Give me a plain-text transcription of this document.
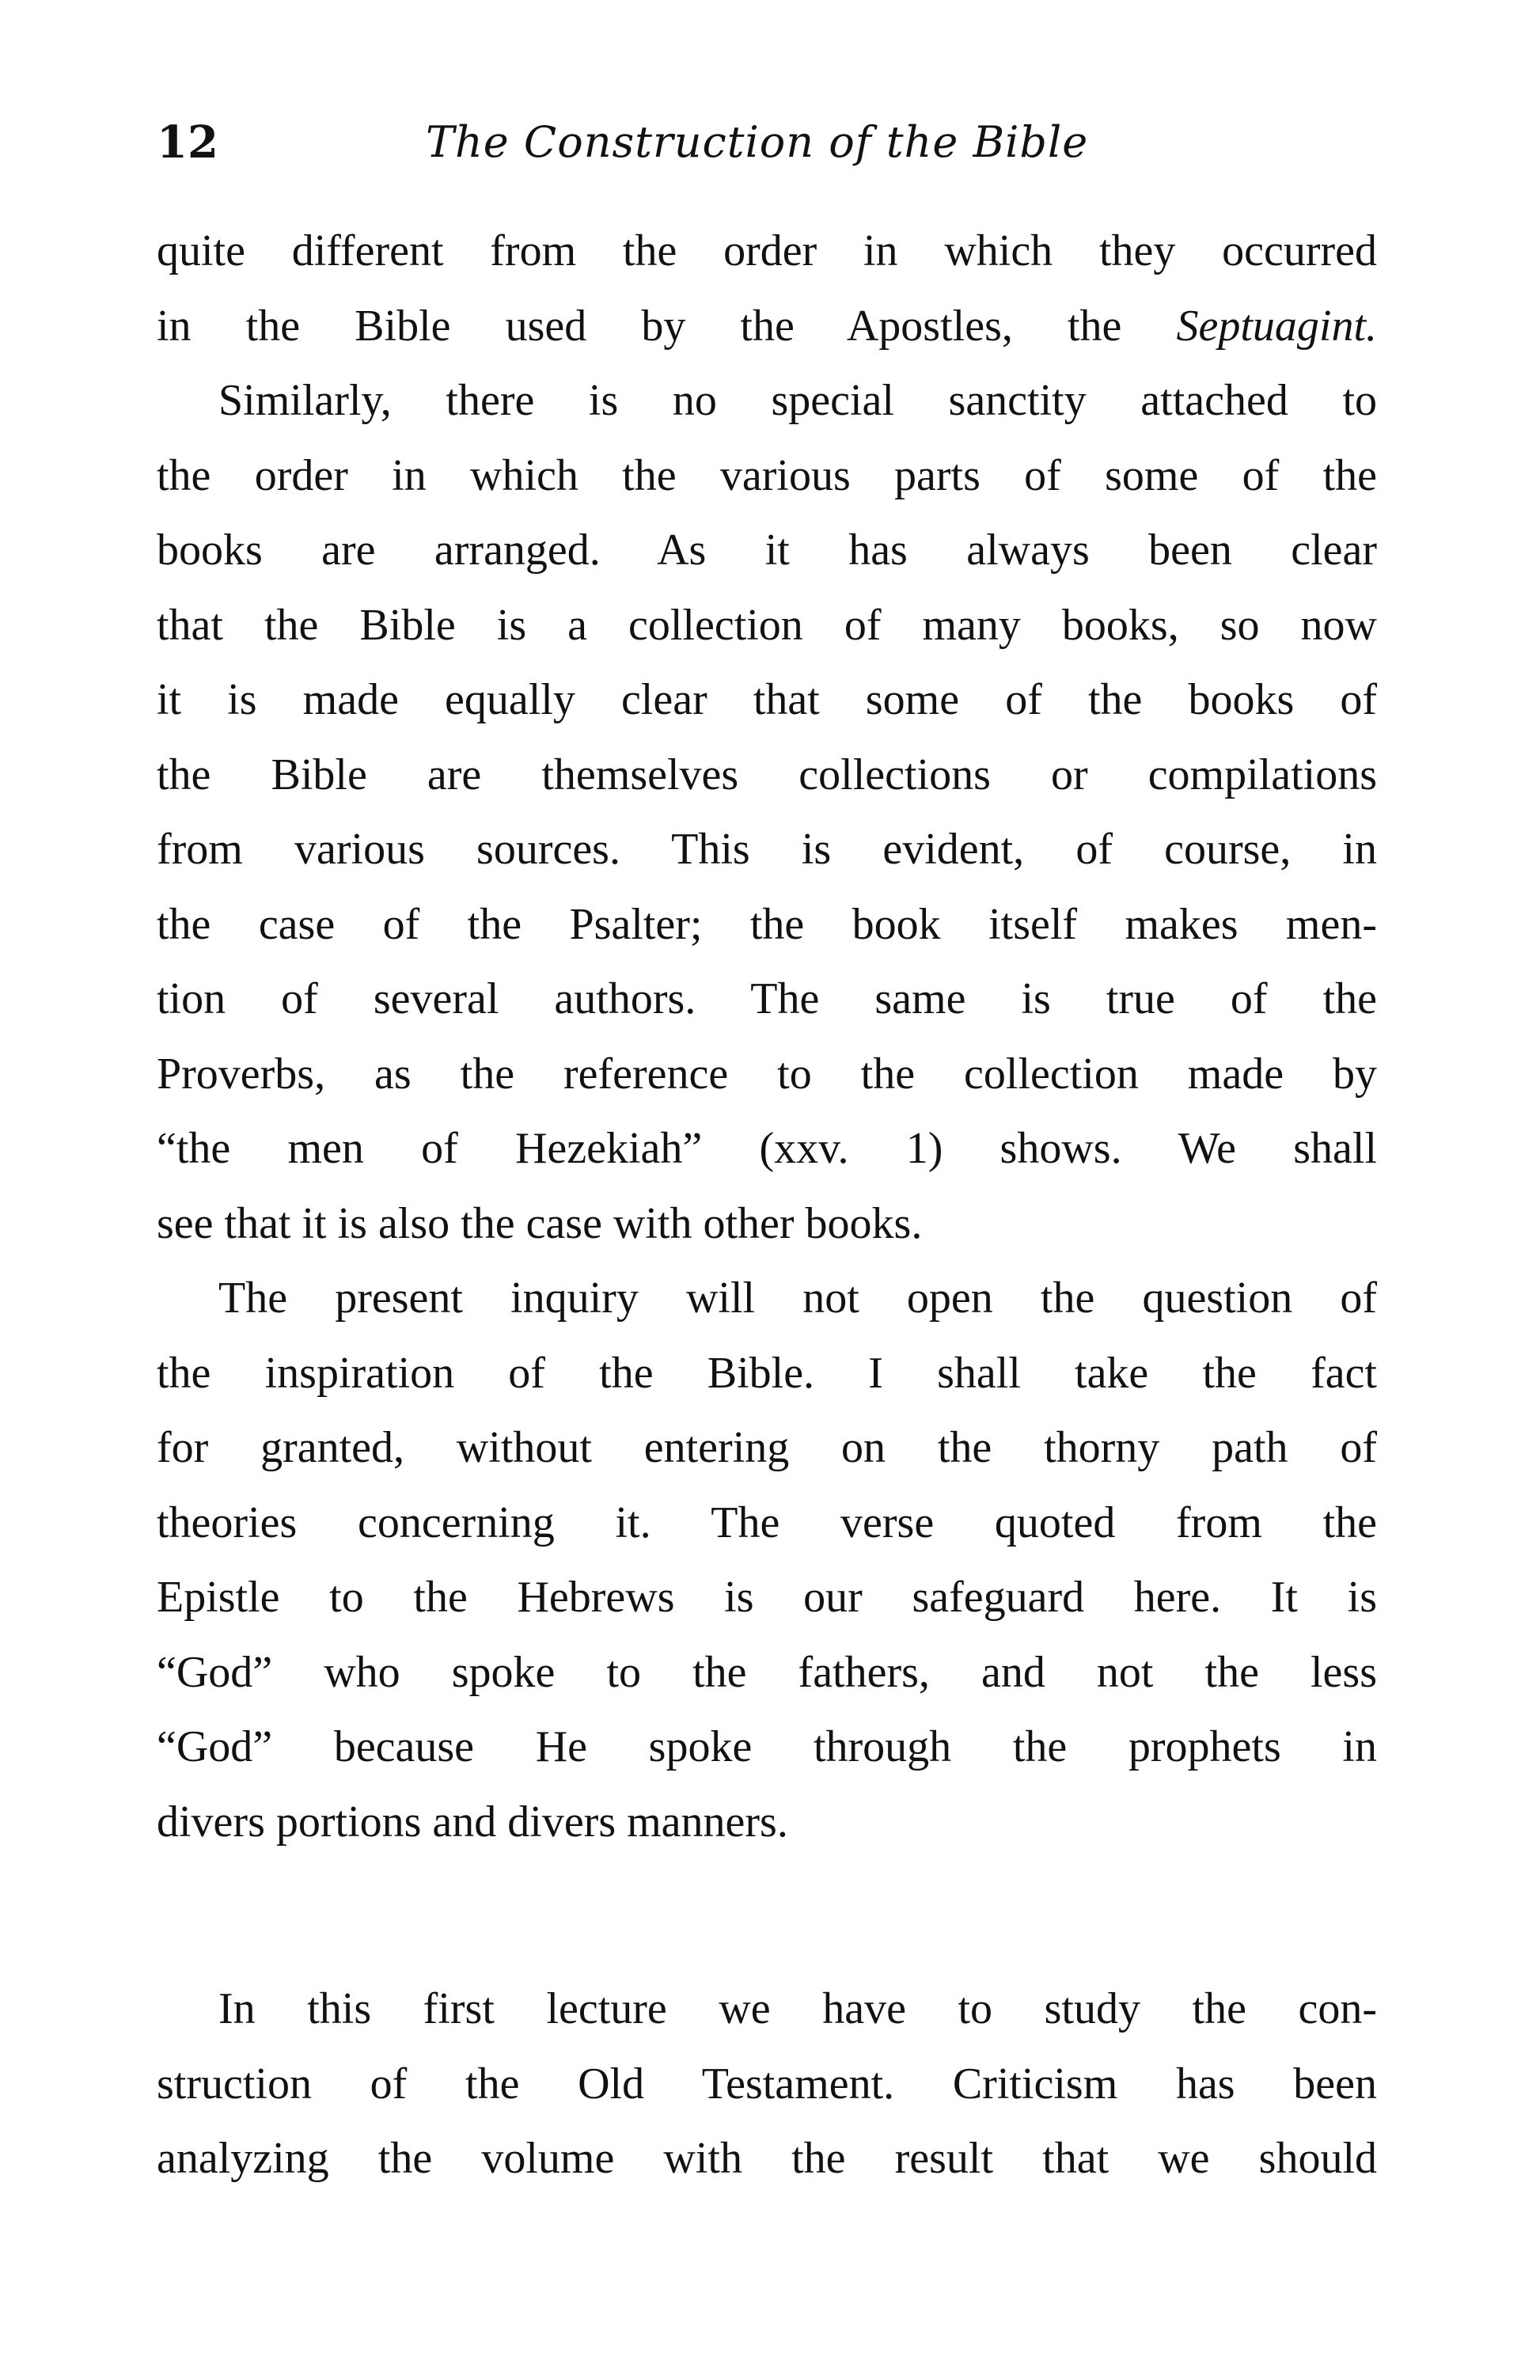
12	The Construction of the Bible
quite different from the order in which they occurred
in the Bible used by the Apostles, the Septuagint.
Similarly, there is no special sanctity attached to
the order in which the various parts of some of the
books are arranged. As it has always been clear
that the Bible is a collection of many books, so now
it is made equally clear that some of the books of
the Bible are themselves collections or compilations
from various sources. This is evident, of course, in
the case of the Psalter; the book itself makes men-
tion of several authors. The same is true of the
Proverbs, as the reference to the collection made by
“the men of Hezekiah” (xxv. 1) shows. We shall
see that it is also the case with other books.
The present inquiry will not open the question of
the inspiration of the Bible. I shall take the fact
for granted, without entering on the thorny path of
theories concerning it. The verse quoted from the
Epistle to the Hebrews is our safeguard here. It is
“God” who spoke to the fathers, and not the less
“God” because He spoke through the prophets in
divers portions and divers manners.
In this first lecture we have to study the con-
struction of the Old Testament. Criticism has been
analyzing the volume with the result that we should
